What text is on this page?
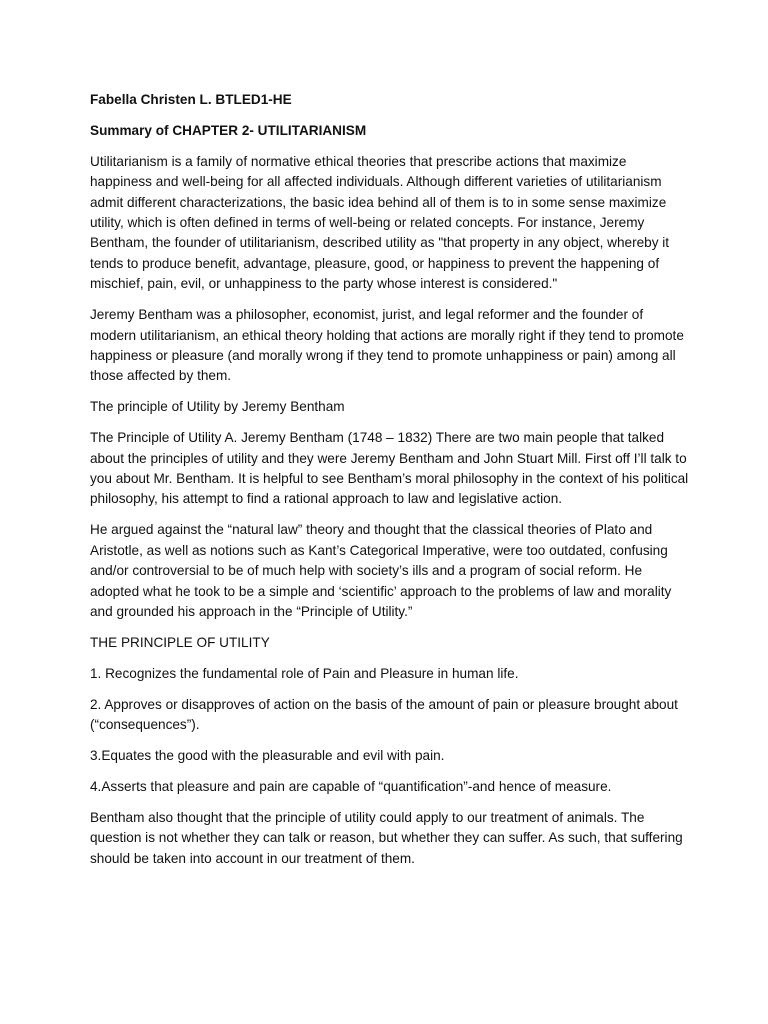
Fabella Christen L. BTLED1-HE

Summary of CHAPTER 2- UTILITARIANISM

Utilitarianism is a family of normative ethical theories that prescribe actions that maximize happiness and well-being for all affected individuals. Although different varieties of utilitarianism admit different characterizations, the basic idea behind all of them is to in some sense maximize utility, which is often defined in terms of well-being or related concepts. For instance, Jeremy Bentham, the founder of utilitarianism, described utility as "that property in any object, whereby it tends to produce benefit, advantage, pleasure, good, or happiness to prevent the happening of mischief, pain, evil, or unhappiness to the party whose interest is considered."

Jeremy Bentham was a philosopher, economist, jurist, and legal reformer and the founder of modern utilitarianism, an ethical theory holding that actions are morally right if they tend to promote happiness or pleasure (and morally wrong if they tend to promote unhappiness or pain) among all those affected by them.

The principle of Utility by Jeremy Bentham

The Principle of Utility A. Jeremy Bentham (1748 – 1832) There are two main people that talked about the principles of utility and they were Jeremy Bentham and John Stuart Mill. First off I’ll talk to you about Mr. Bentham. It is helpful to see Bentham’s moral philosophy in the context of his political philosophy, his attempt to find a rational approach to law and legislative action.

He argued against the “natural law” theory and thought that the classical theories of Plato and Aristotle, as well as notions such as Kant’s Categorical Imperative, were too outdated, confusing and/or controversial to be of much help with society’s ills and a program of social reform. He adopted what he took to be a simple and ‘scientific’ approach to the problems of law and morality and grounded his approach in the “Principle of Utility.”

THE PRINCIPLE OF UTILITY

1. Recognizes the fundamental role of Pain and Pleasure in human life.

2. Approves or disapproves of action on the basis of the amount of pain or pleasure brought about (“consequences”).

3.Equates the good with the pleasurable and evil with pain.

4.Asserts that pleasure and pain are capable of “quantification”-and hence of measure.

Bentham also thought that the principle of utility could apply to our treatment of animals. The question is not whether they can talk or reason, but whether they can suffer. As such, that suffering should be taken into account in our treatment of them.
